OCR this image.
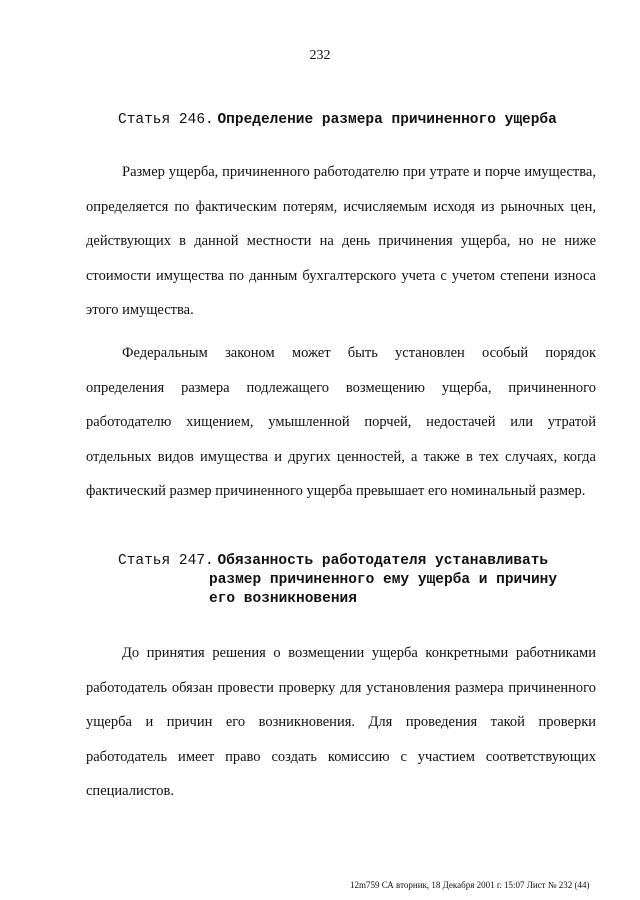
232
Статья 246. Определение размера причиненного ущерба

Размер ущерба, причиненного работодателю при утрате и порче имущества, определяется по фактическим потерям, исчисляемым исходя из рыночных цен, действующих в данной местности на день причинения ущерба, но не ниже стоимости имущества по данным бухгалтерского учета с учетом степени износа этого имущества.

Федеральным законом может быть установлен особый порядок определения размера подлежащего возмещению ущерба, причиненного работодателю хищением, умышленной порчей, недостачей или утратой отдельных видов имущества и других ценностей, а также в тех случаях, когда фактический размер причиненного ущерба превышает его номинальный размер.

Статья 247. Обязанность работодателя устанавливать
размер причиненного ему ущерба и причину
его возникновения

До принятия решения о возмещении ущерба конкретными работниками работодатель обязан провести проверку для установления размера причиненного ущерба и причин его возникновения. Для проведения такой проверки работодатель имеет право создать комиссию с участием соответствующих специалистов.

12m759 СА вторник, 18 Декабря 2001 г. 15:07 Лист № 232 (44)
